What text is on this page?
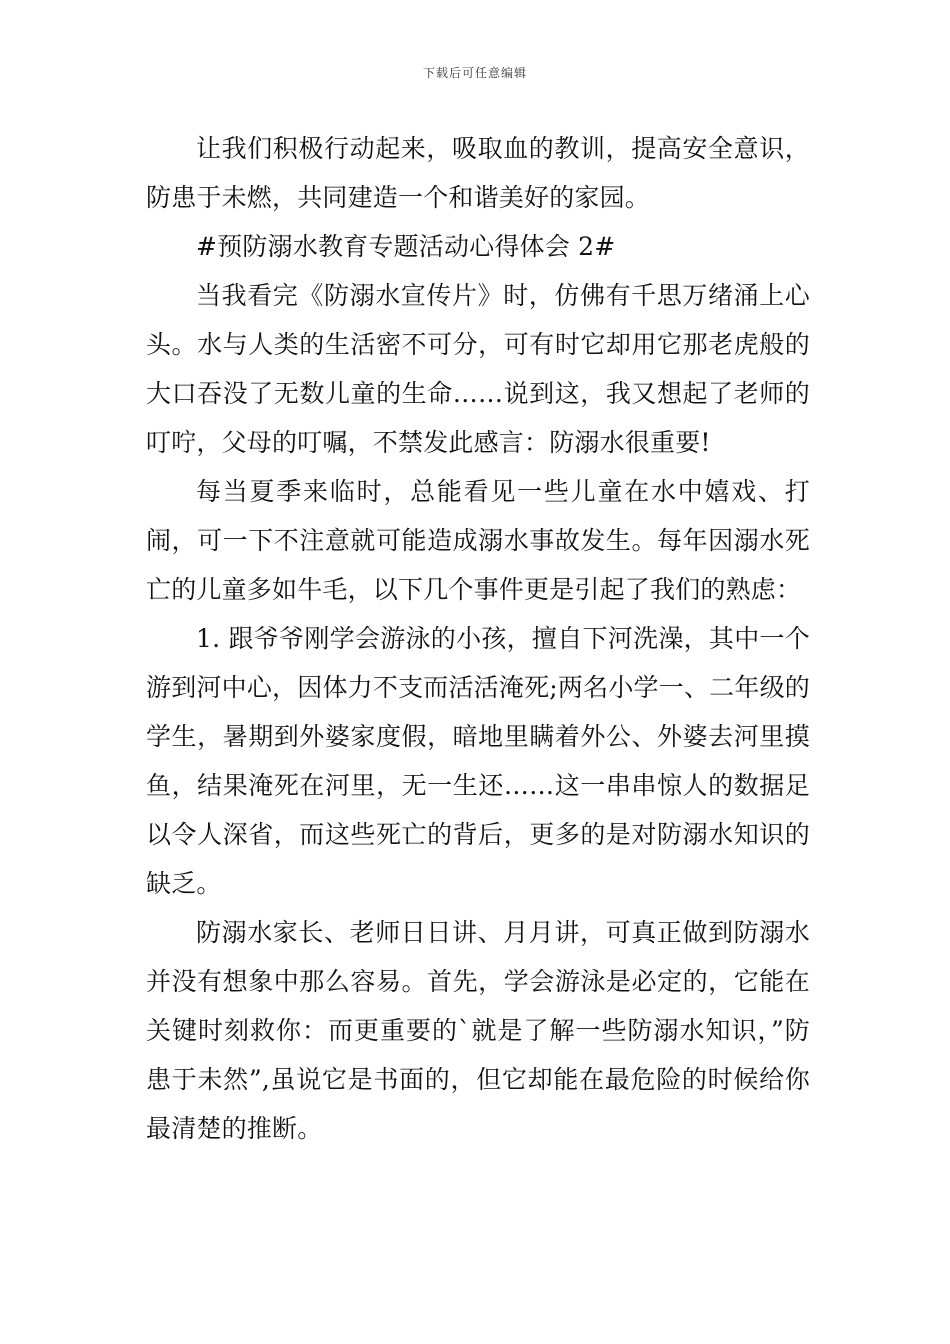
下载后可任意编辑

让我们积极行动起来，吸取血的教训，提高安全意识，防患于未燃，共同建造一个和谐美好的家园。

#预防溺水教育专题活动心得体会 2#

当我看完《防溺水宣传片》时，仿佛有千思万绪涌上心头。水与人类的生活密不可分，可有时它却用它那老虎般的大口吞没了无数儿童的生命……说到这，我又想起了老师的叮咛，父母的叮嘱，不禁发此感言：防溺水很重要!

每当夏季来临时，总能看见一些儿童在水中嬉戏、打闹，可一下不注意就可能造成溺水事故发生。每年因溺水死亡的儿童多如牛毛，以下几个事件更是引起了我们的熟虑：

1. 跟爷爷刚学会游泳的小孩，擅自下河洗澡，其中一个游到河中心，因体力不支而活活淹死;两名小学一、二年级的学生，暑期到外婆家度假，暗地里瞒着外公、外婆去河里摸鱼，结果淹死在河里，无一生还……这一串串惊人的数据足以令人深省，而这些死亡的背后，更多的是对防溺水知识的缺乏。

防溺水家长、老师日日讲、月月讲，可真正做到防溺水并没有想象中那么容易。首先，学会游泳是必定的，它能在关键时刻救你：而更重要的`就是了解一些防溺水知识，”防患于未然”,虽说它是书面的，但它却能在最危险的时候给你最清楚的推断。
